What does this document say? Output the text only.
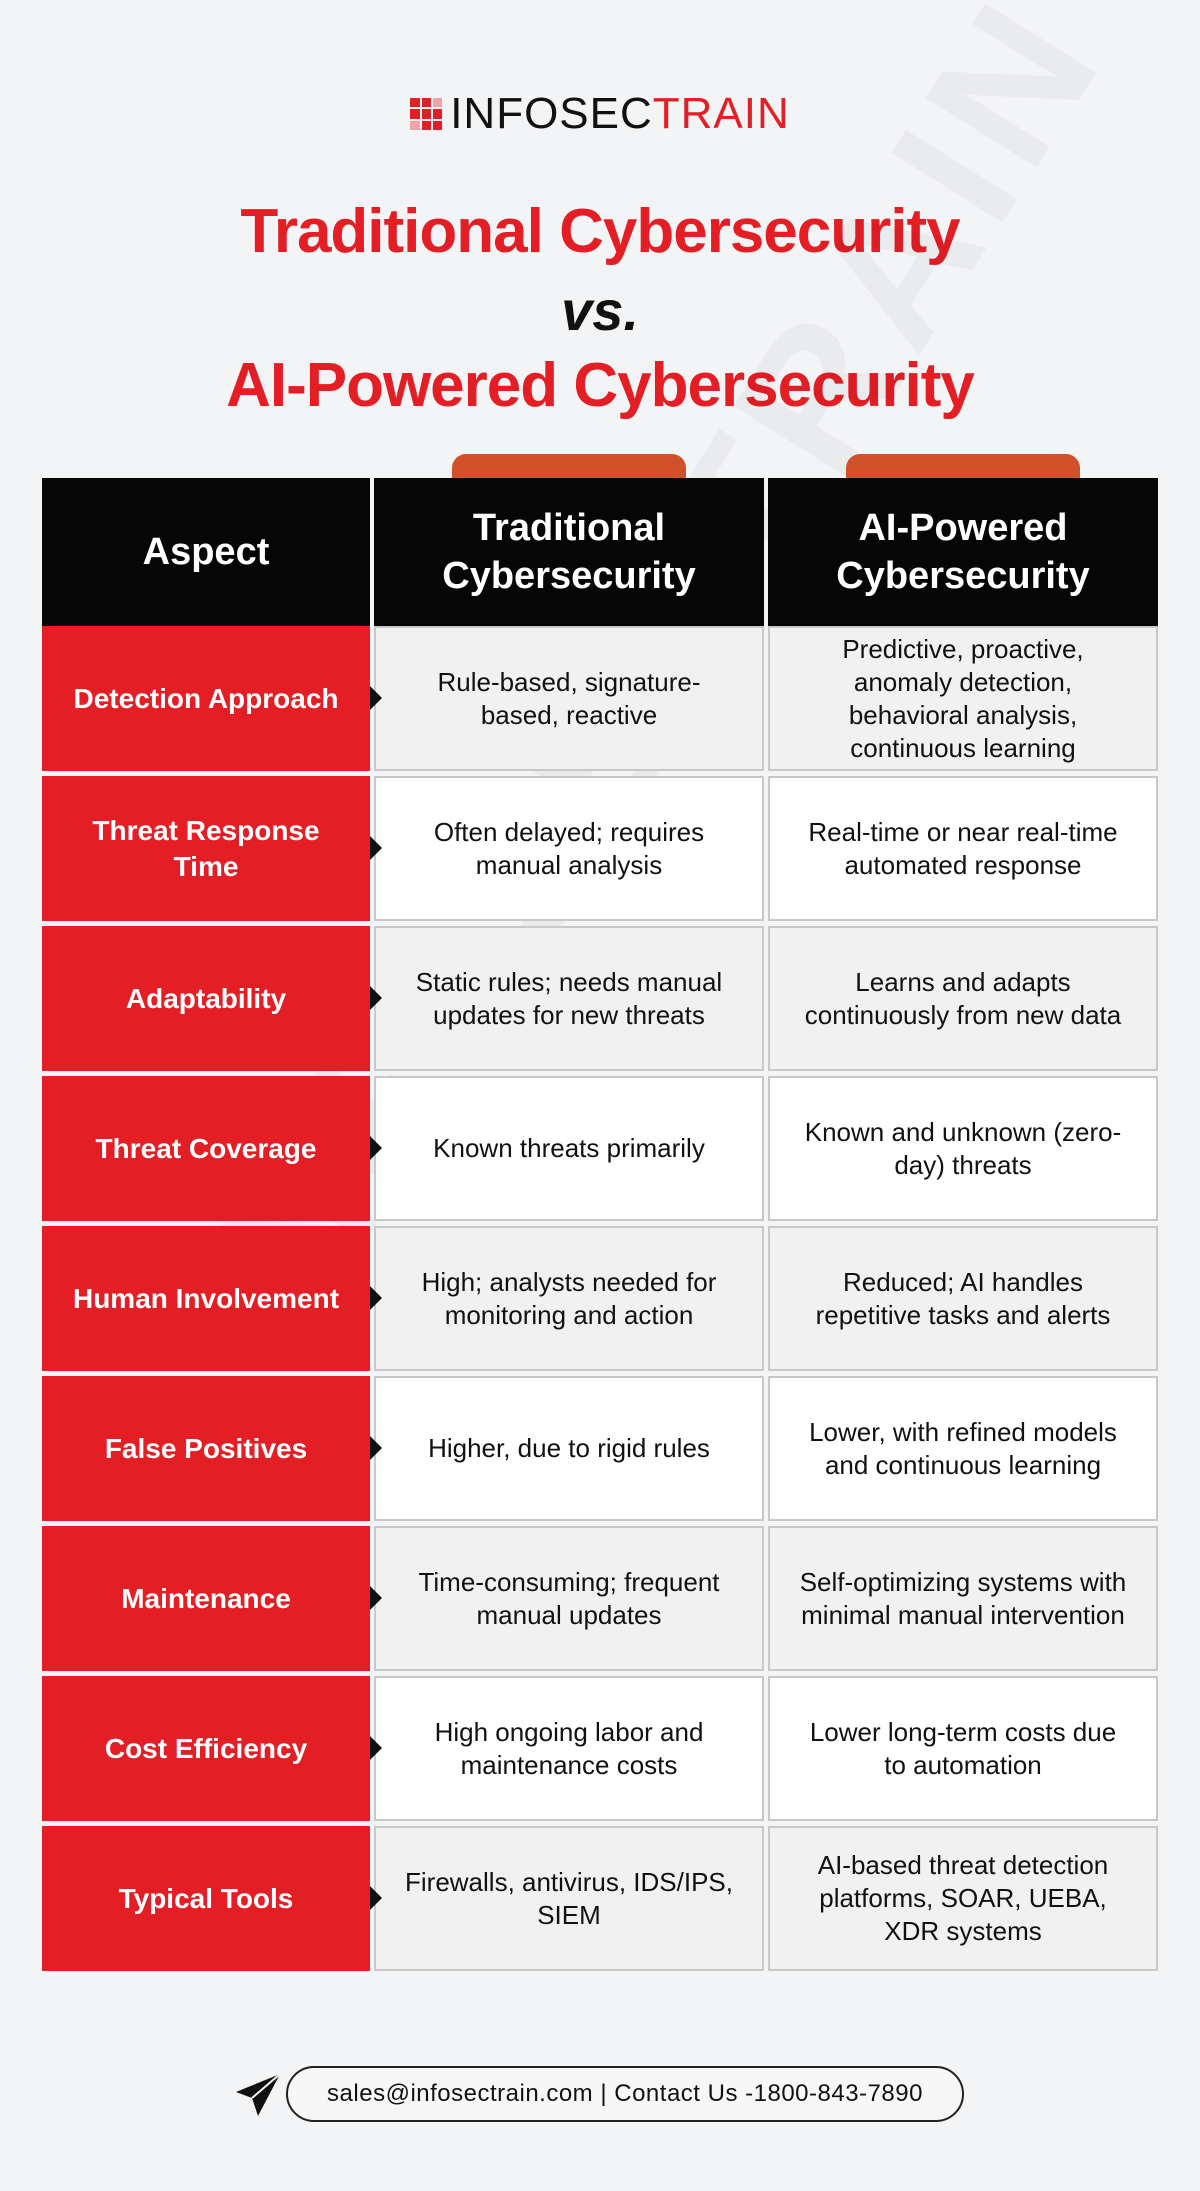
INFOSECTRAIN
Traditional Cybersecurity
vs.
AI-Powered Cybersecurity
Aspect
Traditional
Cybersecurity
AI-Powered
Cybersecurity
Detection Approach
Rule-based, signature-based, reactive
Predictive, proactive, anomaly detection, behavioral analysis, continuous learning
Threat Response Time
Often delayed; requires manual analysis
Real-time or near real-time automated response
Adaptability
Static rules; needs manual updates for new threats
Learns and adapts continuously from new data
Threat Coverage	Known threats primarily
Known and unknown (zero-day) threats
Human Involvement
High; analysts needed for monitoring and action
Reduced; AI handles repetitive tasks and alerts
False Positives	Higher, due to rigid rules
Lower, with refined models and continuous learning
Maintenance
Time-consuming; frequent manual updates
Self-optimizing systems with minimal manual intervention
Cost Efficiency
High ongoing labor and maintenance costs
Lower long-term costs due to automation
Typical Tools
Firewalls, antivirus, IDS/IPS, SIEM
AI-based threat detection platforms, SOAR, UEBA, XDR systems
sales@infosectrain.com | Contact Us -1800-843-7890
